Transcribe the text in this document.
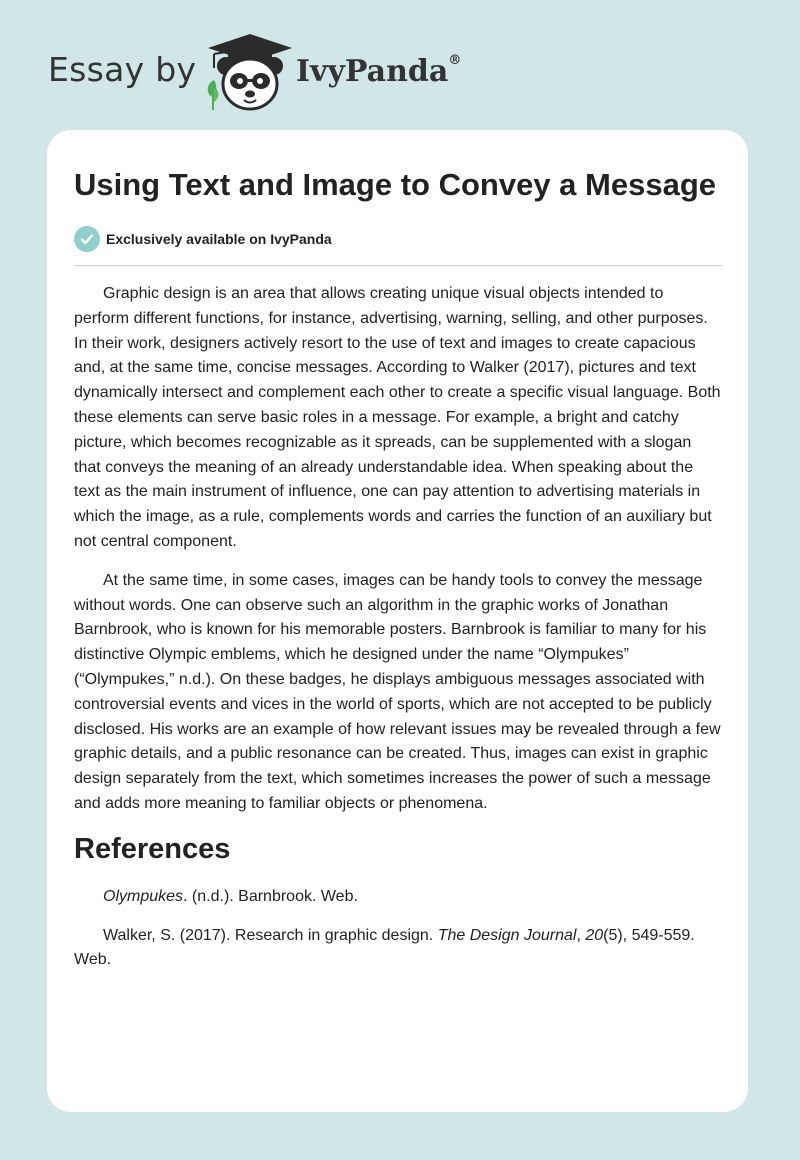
Essay by	IvyPanda®
Using Text and Image to Convey a Message
Exclusively available on IvyPanda

Graphic design is an area that allows creating unique visual objects intended to perform different functions, for instance, advertising, warning, selling, and other purposes. In their work, designers actively resort to the use of text and images to create capacious and, at the same time, concise messages. According to Walker (2017), pictures and text dynamically intersect and complement each other to create a specific visual language. Both these elements can serve basic roles in a message. For example, a bright and catchy picture, which becomes recognizable as it spreads, can be supplemented with a slogan that conveys the meaning of an already understandable idea. When speaking about the text as the main instrument of influence, one can pay attention to advertising materials in which the image, as a rule, complements words and carries the function of an auxiliary but not central component.

At the same time, in some cases, images can be handy tools to convey the message without words. One can observe such an algorithm in the graphic works of Jonathan Barnbrook, who is known for his memorable posters. Barnbrook is familiar to many for his distinctive Olympic emblems, which he designed under the name “Olympukes” (“Olympukes,” n.d.). On these badges, he displays ambiguous messages associated with controversial events and vices in the world of sports, which are not accepted to be publicly disclosed. His works are an example of how relevant issues may be revealed through a few graphic details, and a public resonance can be created. Thus, images can exist in graphic design separately from the text, which sometimes increases the power of such a message and adds more meaning to familiar objects or phenomena.

References

Olympukes. (n.d.). Barnbrook. Web.

Walker, S. (2017). Research in graphic design. The Design Journal, 20(5), 549-559. Web.
